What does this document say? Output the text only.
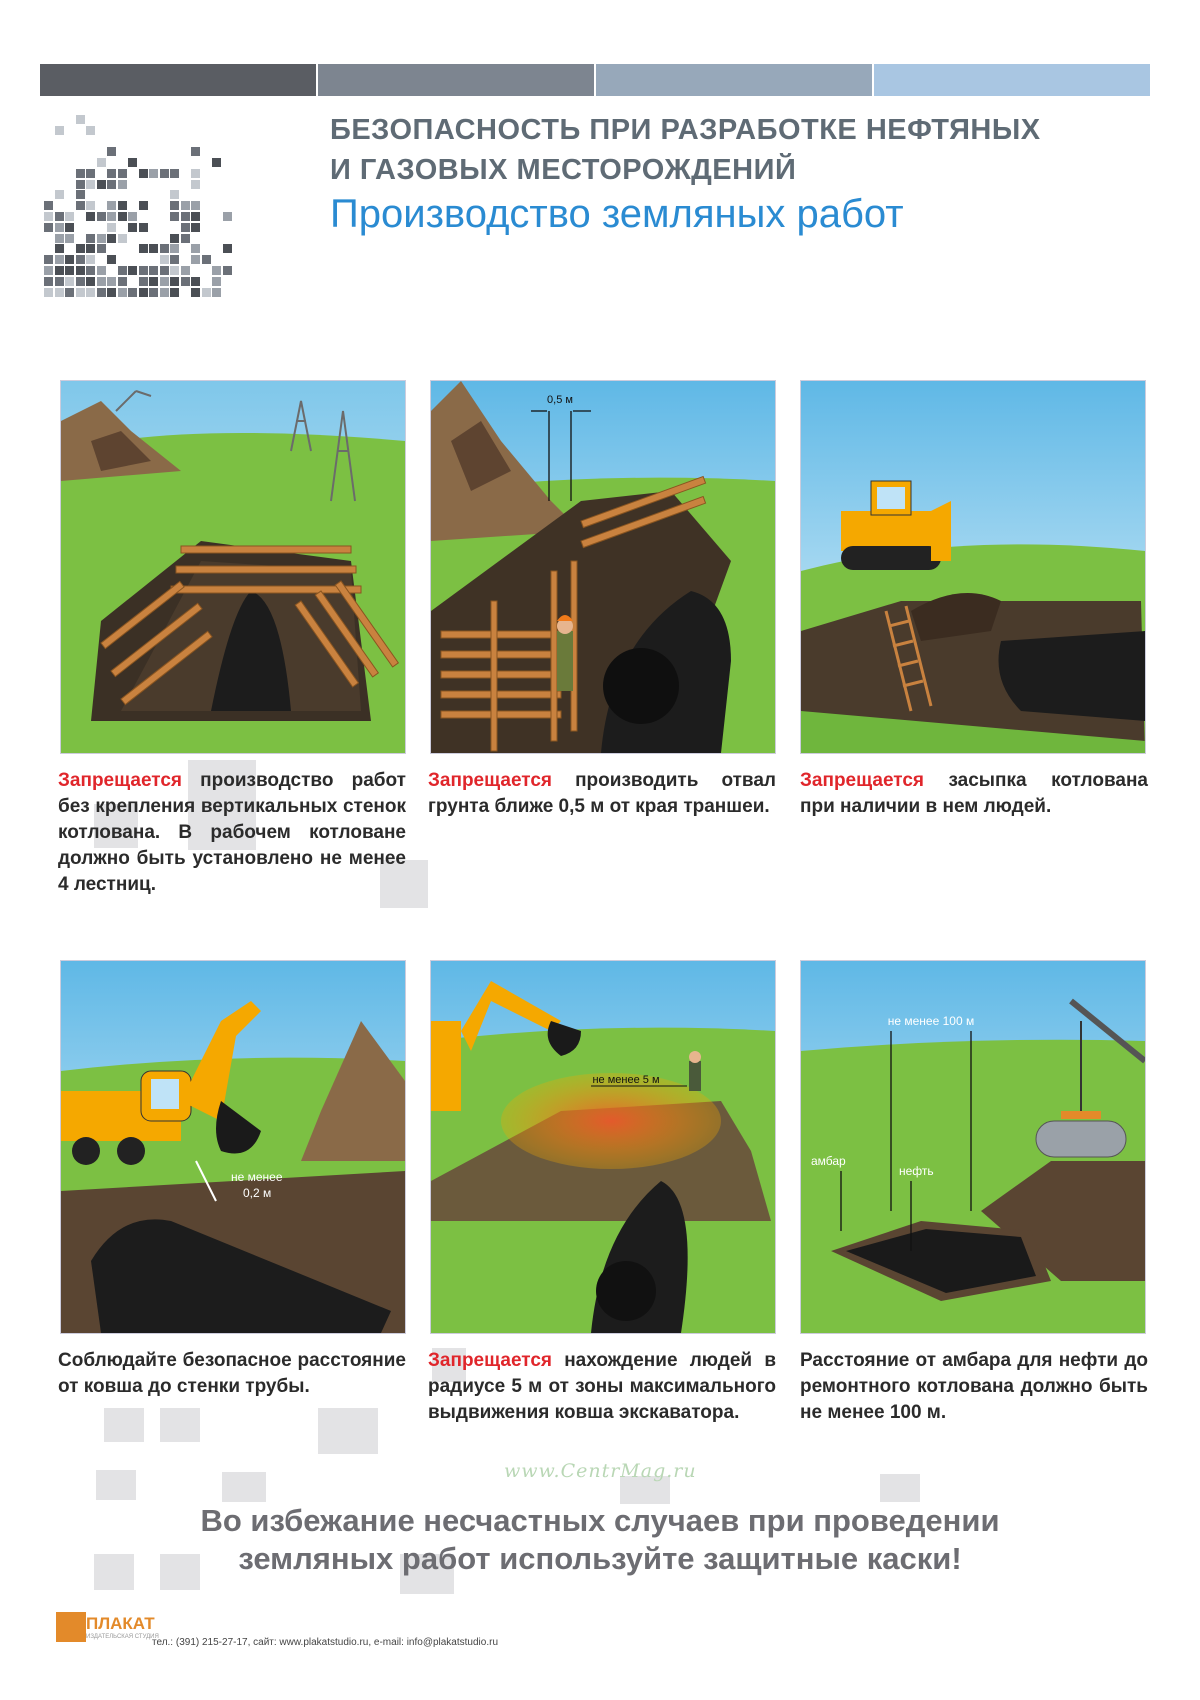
БЕЗОПАСНОСТЬ ПРИ РАЗРАБОТКЕ НЕФТЯНЫХ
И ГАЗОВЫХ МЕСТОРОЖДЕНИЙ
Производство земляных работ
Запрещается производство работ без крепления вертикальных стенок котлована. В рабочем котловане должно быть установлено не менее 4 лестниц.
0,5 м
Запрещается производить отвал грунта ближе 0,5 м от края траншеи.
Запрещается засыпка котлована при наличии в нем людей.
не менее
0,2 м
Соблюдайте безопасное расстояние от ковша до стенки трубы.
не менее 5 м
Запрещается нахождение людей в радиусе 5 м от зоны максимального выдвижения ковша экскаватора.
не менее 100 м
амбар
нефть
Расстояние от амбара для нефти до ремонтного котлована должно быть не менее 100 м.
www.CentrMag.ru
Во избежание несчастных случаев при проведении
земляных работ используйте защитные каски!
ПЛАКАТ
ИЗДАТЕЛЬСКАЯ СТУДИЯ
тел.: (391) 215-27-17, сайт: www.plakatstudio.ru, e-mail: info@plakatstudio.ru
